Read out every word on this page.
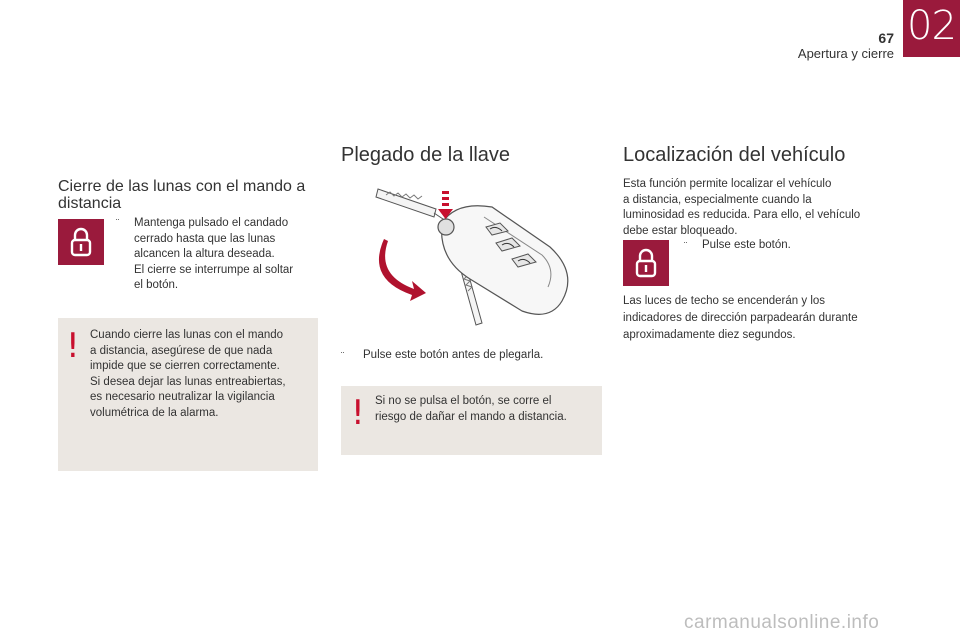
67
Apertura y cierre
02
Cierre de las lunas con el mando a distancia
¨ Mantenga pulsado el candado
cerrado hasta que las lunas
alcancen la altura deseada.
El cierre se interrumpe al soltar
el botón.
! Cuando cierre las lunas con el mando
a distancia, asegúrese de que nada
impide que se cierren correctamente.
Si desea dejar las lunas entreabiertas,
es necesario neutralizar la vigilancia
volumétrica de la alarma.
Plegado de la llave
¨ Pulse este botón antes de plegarla.
! Si no se pulsa el botón, se corre el
riesgo de dañar el mando a distancia.
Localización del vehículo
Esta función permite localizar el vehículo
a distancia, especialmente cuando la
luminosidad es reducida. Para ello, el vehículo
debe estar bloqueado.
¨ Pulse este botón.
Las luces de techo se encenderán y los
indicadores de dirección parpadearán durante
aproximadamente diez segundos.
carmanualsonline.info
